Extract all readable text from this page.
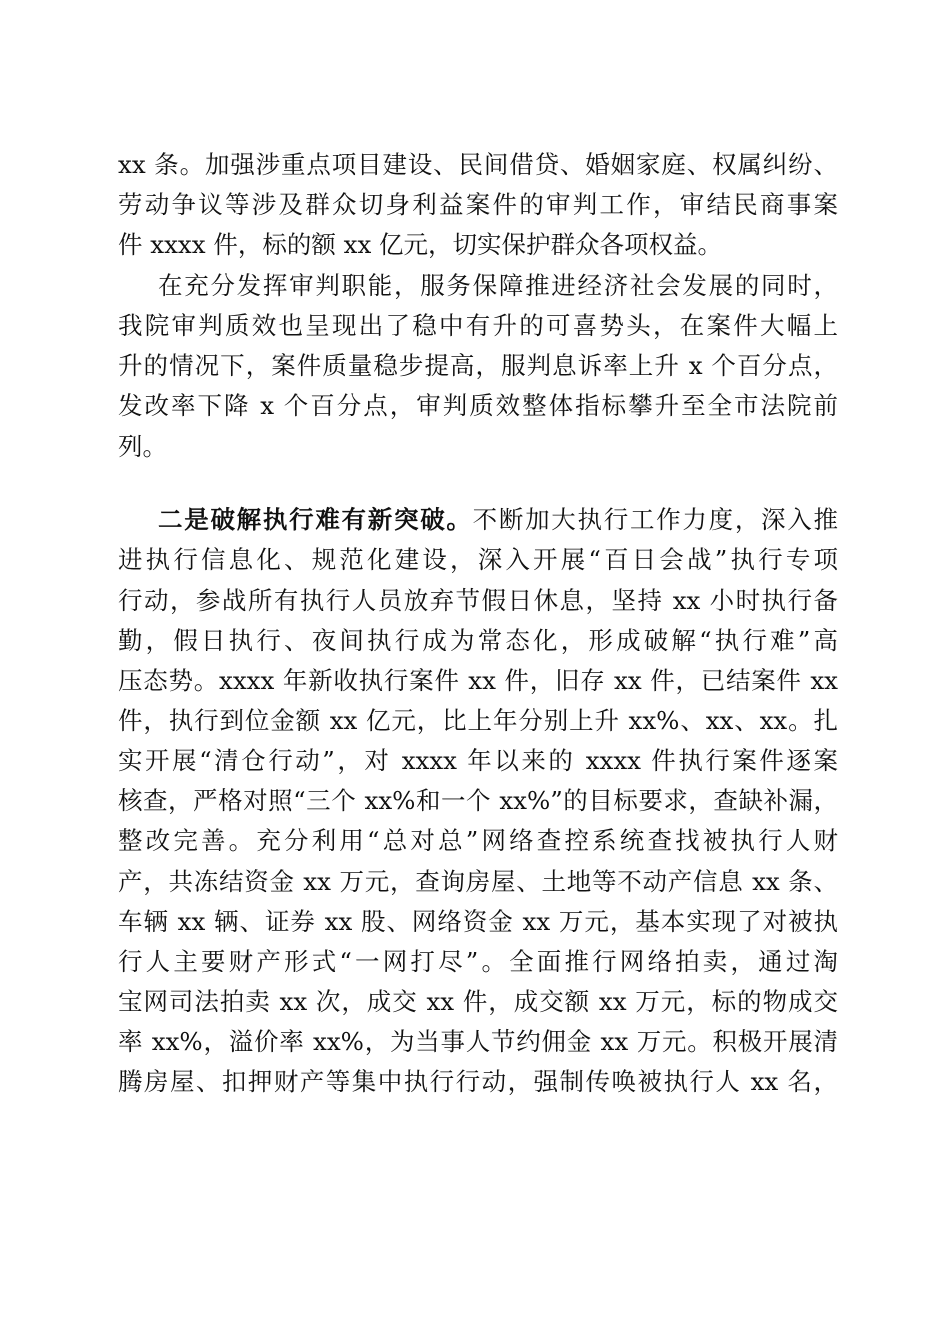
xx 条。加强涉重点项目建设、民间借贷、婚姻家庭、权属纠纷、
劳动争议等涉及群众切身利益案件的审判工作，审结民商事案
件 xxxx 件，标的额 xx 亿元，切实保护群众各项权益。
在充分发挥审判职能，服务保障推进经济社会发展的同时，
我院审判质效也呈现出了稳中有升的可喜势头，在案件大幅上
升的情况下，案件质量稳步提高，服判息诉率上升 x 个百分点，
发改率下降 x 个百分点，审判质效整体指标攀升至全市法院前
列。
二是破解执行难有新突破。不断加大执行工作力度，深入推
进执行信息化、规范化建设，深入开展“百日会战”执行专项
行动，参战所有执行人员放弃节假日休息，坚持 xx 小时执行备
勤，假日执行、夜间执行成为常态化，形成破解“执行难”高
压态势。xxxx 年新收执行案件 xx 件，旧存 xx 件，已结案件 xx
件，执行到位金额 xx 亿元，比上年分别上升 xx%、xx、xx。扎
实开展“清仓行动”，对 xxxx 年以来的 xxxx 件执行案件逐案
核查，严格对照“三个 xx%和一个 xx%”的目标要求，查缺补漏，
整改完善。充分利用“总对总”网络查控系统查找被执行人财
产，共冻结资金 xx 万元，查询房屋、土地等不动产信息 xx 条、
车辆 xx 辆、证券 xx 股、网络资金 xx 万元，基本实现了对被执
行人主要财产形式“一网打尽”。全面推行网络拍卖，通过淘
宝网司法拍卖 xx 次，成交 xx 件，成交额 xx 万元，标的物成交
率 xx%，溢价率 xx%，为当事人节约佣金 xx 万元。积极开展清
腾房屋、扣押财产等集中执行行动，强制传唤被执行人 xx 名，
